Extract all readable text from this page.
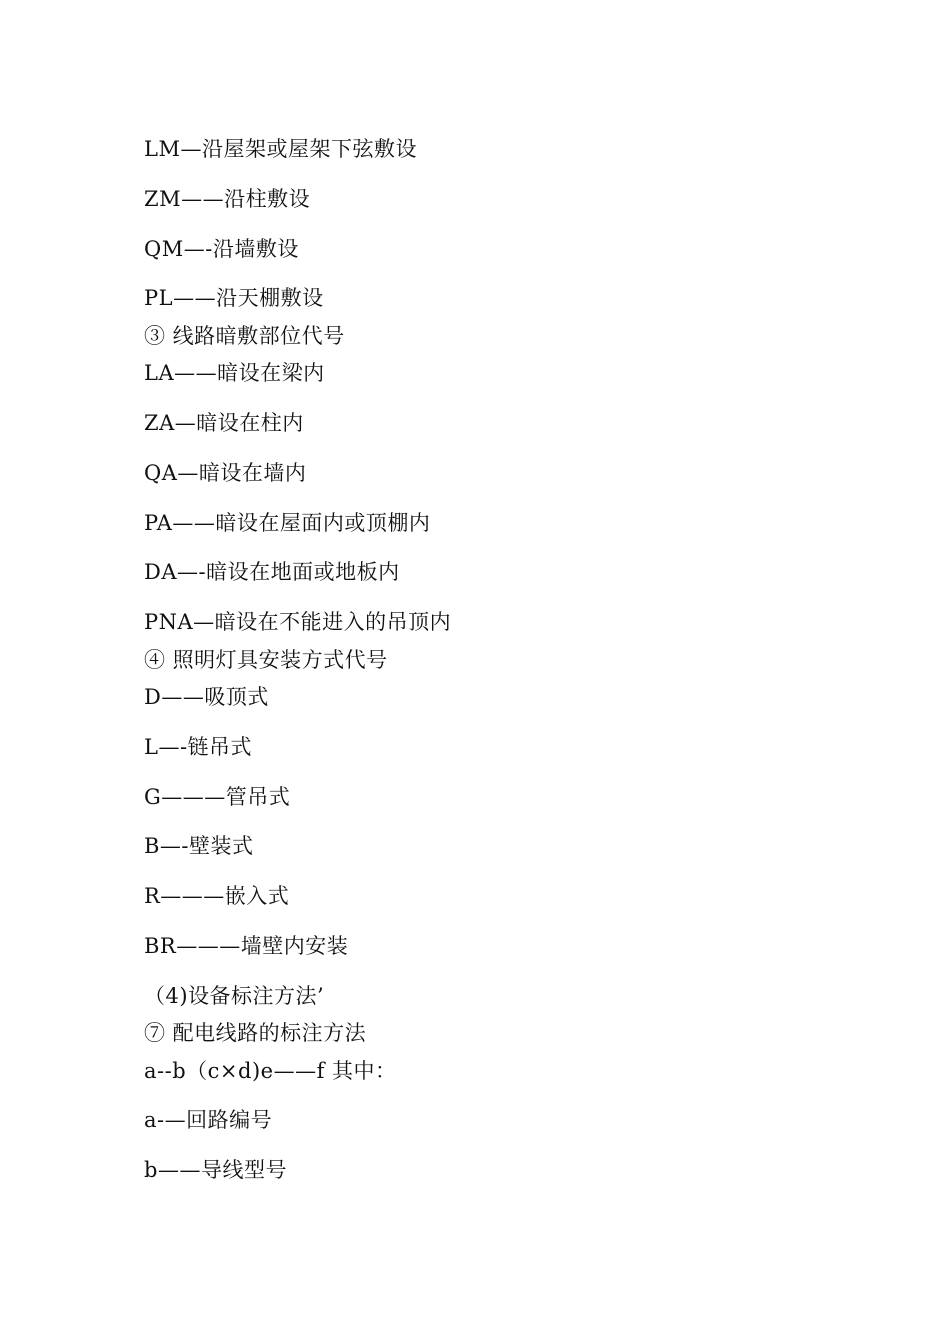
LM—沿屋架或屋架下弦敷设
ZM——沿柱敷设
QM—-沿墙敷设
PL——沿天棚敷设
③ 线路暗敷部位代号
LA——暗设在梁内
ZA—暗设在柱内
QA—暗设在墙内
PA——暗设在屋面内或顶棚内
DA—-暗设在地面或地板内
PNA—暗设在不能进入的吊顶内
④ 照明灯具安装方式代号
D——吸顶式
L—-链吊式
G———管吊式
B—-壁装式
R———嵌入式
BR———墙壁内安装
（4)设备标注方法’
⑦ 配电线路的标注方法
a--b（c×d)e——f 其中：
a-—回路编号
b——导线型号
